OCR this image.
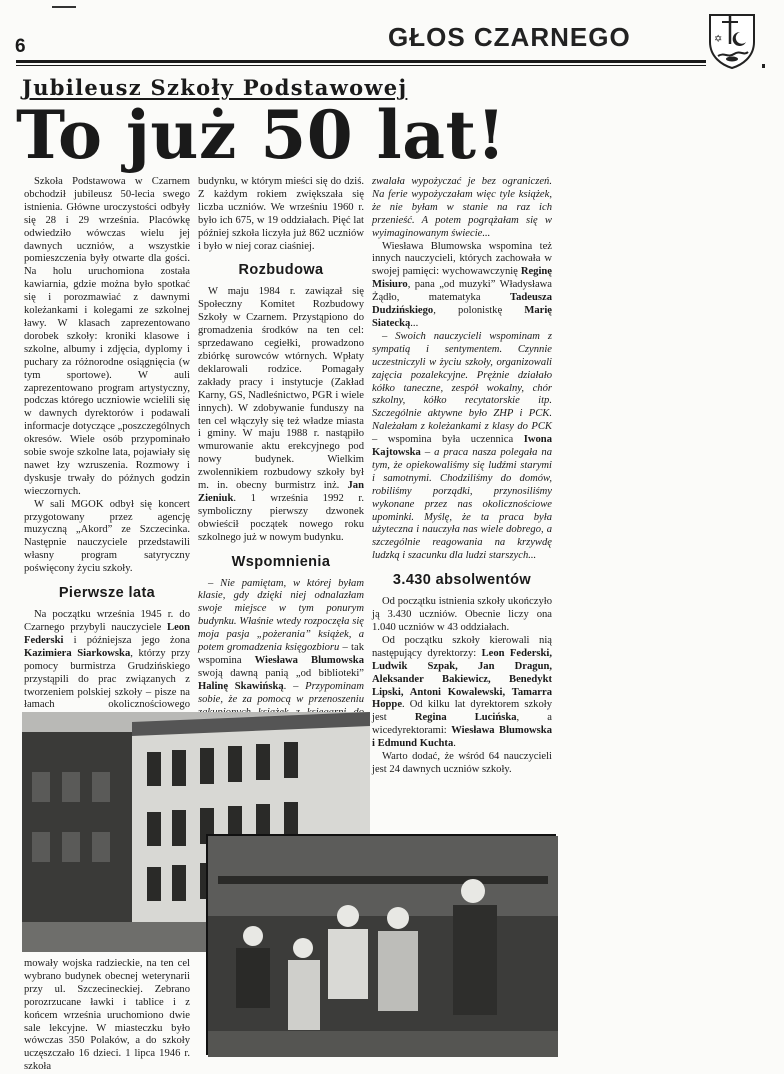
6	GŁOS CZARNEGO	✡
Jubileusz Szkoły Podstawowej
To już 50 lat!

Szkoła Podstawowa w Czarnem obchodził jubileusz 50-lecia swego istnienia. Główne uroczystości odbyły się 28 i 29 września. Placówkę odwiedziło wówczas wielu jej dawnych uczniów, a wszystkie pomieszczenia były otwarte dla gości. Na holu uruchomiona została kawiarnia, gdzie można było spotkać się i porozmawiać z dawnymi koleżankami i kolegami ze szkolnej ławy. W klasach zaprezentowano dorobek szkoły: kroniki klasowe i szkolne, albumy i zdjęcia, dyplomy i puchary za różnorodne osiągnięcia (w tym sportowe). W auli zaprezentowano program artystyczny, podczas którego uczniowie wcielili się w dawnych dyrektorów i podawali informacje dotyczące „poszczególnych okresów. Wiele osób przypominało sobie swoje szkolne lata, pojawiały się nawet łzy wzruszenia. Rozmowy i dyskusje trwały do późnych godzin wieczornych.

W sali MGOK odbył się koncert przygotowany przez agencję muzyczną „Akord” ze Szczecinka. Następnie nauczyciele przedstawili własny program satyryczny poświęcony życiu szkoły.

Pierwsze lata

Na początku września 1945 r. do Czarnego przybyli nauczyciele Leon Federski i późniejsza jego żona Kazimiera Siarkowska, którzy przy pomocy burmistrza Grudzińskiego przystąpili do prac związanych z tworzeniem polskiej szkoły – pisze na łamach okolicznościowego

budynku, w którym mieści się do dziś. Z każdym rokiem zwiększała się liczba uczniów. We wrześniu 1960 r. było ich 675, w 19 oddziałach. Pięć lat później szkoła liczyła już 862 uczniów i było w niej coraz ciaśniej.

Rozbudowa

W maju 1984 r. zawiązał się Społeczny Komitet Rozbudowy Szkoły w Czarnem. Przystąpiono do gromadzenia środków na ten cel: sprzedawano cegiełki, prowadzono zbiórkę surowców wtórnych. Wpłaty deklarowali rodzice. Pomagały zakłady pracy i instytucje (Zakład Karny, GS, Nadleśnictwo, PGR i wiele innych). W zdobywanie funduszy na ten cel włączyły się też władze miasta i gminy. W maju 1988 r. nastąpiło wmurowanie aktu erekcyjnego pod nowy budynek. Wielkim zwolennikiem rozbudowy szkoły był m. in. obecny burmistrz inż. Jan Zieniuk. 1 września 1992 r. symboliczny pierwszy dzwonek obwieścił początek nowego roku szkolnego już w nowym budynku.

Wspomnienia

– Nie pamiętam, w której byłam klasie, gdy dzięki niej odnalazłam swoje miejsce w tym ponurym budynku. Właśnie wtedy rozpoczęła się moja pasja „pożerania” książek, a potem gromadzenia księgozbioru – tak wspomina Wiesława Blumowska swoją dawną panią „od biblioteki” Halinę Skawińską. – Przypominam sobie, że za pomocą w przenoszeniu

zwalała wypożyczać je bez ograniczeń. Na ferie wypożyczałam więc tyle książek, że nie byłam w stanie na raz ich przenieść. A potem pogrążałam się w wyimaginowanym świecie...

Wiesława Blumowska wspomina też innych nauczycieli, których zachowała w swojej pamięci: wychowawczynię Reginę Misiuro, pana „od muzyki” Władysława Żądło, matematyka Tadeusza Dudzińskiego, polonistkę Marię Siatecką...

– Swoich nauczycieli wspominam z sympatią i sentymentem. Czynnie uczestniczyli w życiu szkoły, organizowali zajęcia pozalekcyjne. Prężnie działało kółko taneczne, zespół wokalny, chór szkolny, kółko recytatorskie itp. Szczególnie aktywne było ZHP i PCK. Należałam z koleżankami z klasy do PCK – wspomina była uczennica Iwona Kajtowska – a praca nasza polegała na tym, że opiekowaliśmy się ludźmi starymi i samotnymi. Chodziliśmy do domów, robiliśmy porządki, przynosiliśmy wykonane przez nas okolicznościowe upominki. Myślę, że ta praca była użyteczna i nauczyła nas wiele dobrego, a szczególnie reagowania na krzywdę ludzką i szacunku dla ludzi starszych...

3.430 absolwentów

Od początku istnienia szkoły ukończyło ją 3.430 uczniów. Obecnie liczy ona 1.040 uczniów w 43 oddziałach.

Od początku szkoły kierowali nią następujący dyrektorzy: Leon Federski, Ludwik Szpak, Jan Dragun, Aleksander Bakiewicz, Benedykt Lipski, Antoni Kowalewski, Tamarra Hoppe. Od kilku lat dyrektorem szkoły jest Regina Lucińska, a wicedyrektorami: Wiesława Blumowska i Edmund Kuchta.

Warto dodać, że wśród 64 nauczycieli jest 24 dawnych uczniów szkoły.

mowały wojska radzieckie, na ten cel wybrano budynek obecnej weterynarii przy ul. Szczecineckiej. Zebrano porozrzucane ławki i tablice i z końcem września uruchomiono dwie sale lekcyjne. W miasteczku było wówczas 350 Polaków, a do szkoły uczęszczało 16 dzieci. 1 lipca 1946 r. szkoła
